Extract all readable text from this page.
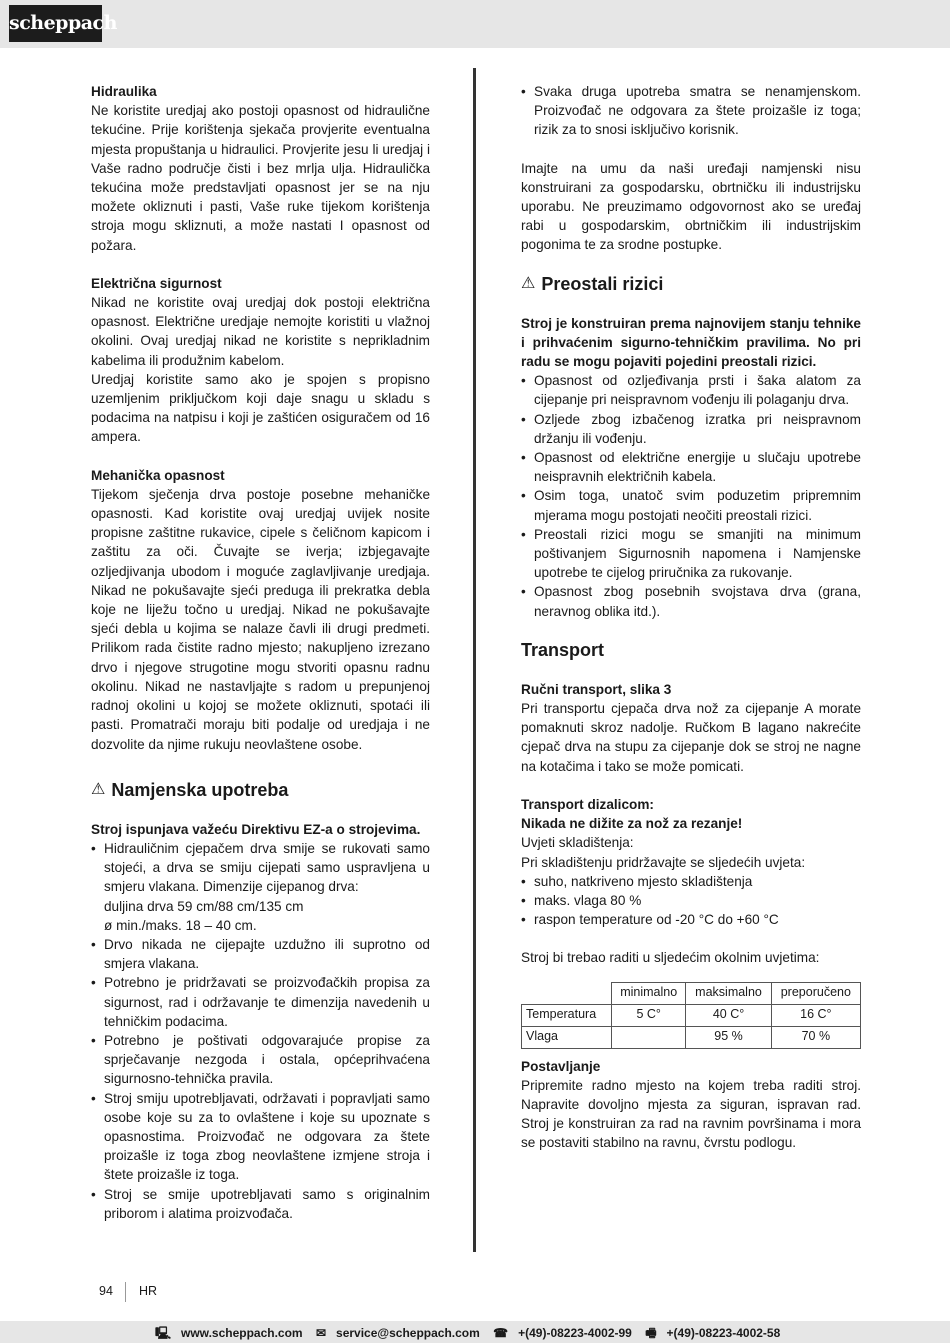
scheppach
Hidraulika
Ne koristite uredjaj ako postoji opasnost od hidraulične tekućine. Prije korištenja sjekača provjerite eventualna mjesta propuštanja u hidraulici. Provjerite jesu li uredjaj i Vaše radno područje čisti i bez mrlja ulja. Hidraulička tekućina može predstavljati opasnost jer se na nju možete okliznuti i pasti, Vaše ruke tijekom korištenja stroja mogu skliznuti, a može nastati I opasnost od požara.
Električna sigurnost
Nikad ne koristite ovaj uredjaj dok postoji električna opasnost. Električne uredjaje nemojte koristiti u vlažnoj okolini. Ovaj uredjaj nikad ne koristite s neprikladnim kabelima ili produžnim kabelom.
Uredjaj koristite samo ako je spojen s propisno uzemljenim priključkom koji daje snagu u skladu s podacima na natpisu i koji je zaštićen osiguračem od 16 ampera.
Mehanička opasnost
Tijekom sječenja drva postoje posebne mehaničke opasnosti. Kad koristite ovaj uredjaj uvijek nosite propisne zaštitne rukavice, cipele s čeličnom kapicom i zaštitu za oči. Čuvajte se iverja; izbjegavajte ozljedjivanja ubodom i moguće zaglavljivanje uredjaja. Nikad ne pokušavajte sjeći preduga ili prekratka debla koje ne liježu točno u uredjaj. Nikad ne pokušavajte sjeći debla u kojima se nalaze čavli ili drugi predmeti. Prilikom rada čistite radno mjesto; nakupljeno izrezano drvo i njegove strugotine mogu stvoriti opasnu radnu okolinu. Nikad ne nastavljajte s radom u prepunjenoj radnoj okolini u kojoj se možete okliznuti, spotaći ili pasti. Promatrači moraju biti podalje od uredjaja i ne dozvolite da njime rukuju neovlaštene osobe.
⚠ Namjenska upotreba
Stroj ispunjava važeću Direktivu EZ-a o strojevima.
• Hidrauličnim cjepačem drva smije se rukovati samo stojeći, a drva se smiju cijepati samo uspravljena u smjeru vlakana. Dimenzije cijepanog drva:
duljina drva 59 cm/88 cm/135 cm
ø min./maks. 18 – 40 cm.
• Drvo nikada ne cijepajte uzdužno ili suprotno od smjera vlakana.
• Potrebno je pridržavati se proizvođačkih propisa za sigurnost, rad i održavanje te dimenzija navedenih u tehničkim podacima.
• Potrebno je poštivati odgovarajuće propise za sprječavanje nezgoda i ostala, općeprihvaćena sigurnosno-tehnička pravila.
• Stroj smiju upotrebljavati, održavati i popravljati samo osobe koje su za to ovlaštene i koje su upoznate s opasnostima. Proizvođač ne odgovara za štete proizašle iz toga zbog neovlaštene izmjene stroja i štete proizašle iz toga.
• Stroj se smije upotrebljavati samo s originalnim priborom i alatima proizvođača.
• Svaka druga upotreba smatra se nenamjenskom. Proizvođač ne odgovara za štete proizašle iz toga; rizik za to snosi isključivo korisnik.
Imajte na umu da naši uređaji namjenski nisu konstruirani za gospodarsku, obrtničku ili industrijsku uporabu. Ne preuzimamo odgovornost ako se uređaj rabi u gospodarskim, obrtničkim ili industrijskim pogonima te za srodne postupke.
⚠ Preostali rizici
Stroj je konstruiran prema najnovijem stanju tehnike i prihvaćenim sigurno-tehničkim pravilima. No pri radu se mogu pojaviti pojedini preostali rizici.
• Opasnost od ozljeđivanja prsti i šaka alatom za cijepanje pri neispravnom vođenju ili polaganju drva.
• Ozljede zbog izbačenog izratka pri neispravnom držanju ili vođenju.
• Opasnost od električne energije u slučaju upotrebe neispravnih električnih kabela.
• Osim toga, unatoč svim poduzetim pripremnim mjerama mogu postojati neočiti preostali rizici.
• Preostali rizici mogu se smanjiti na minimum poštivanjem Sigurnosnih napomena i Namjenske upotrebe te cijelog priručnika za rukovanje.
• Opasnost zbog posebnih svojstava drva (grana, neravnog oblika itd.).
Transport
Ručni transport, slika 3
Pri transportu cjepača drva nož za cijepanje A morate pomaknuti skroz nadolje. Ručkom B lagano nakrećite cjepač drva na stupu za cijepanje dok se stroj ne nagne na kotačima i tako se može pomicati.
Transport dizalicom:
Nikada ne dižite za nož za rezanje!
Uvjeti skladištenja:
Pri skladištenju pridržavajte se sljedećih uvjeta:
• suho, natkriveno mjesto skladištenja
• maks. vlaga 80 %
• raspon temperature od -20 °C do +60 °C
Stroj bi trebao raditi u sljedećim okolnim uvjetima:
	minimalno	maksimalno	preporučeno
Temperatura	5 C°	40 C°	16 C°
Vlaga		95 %	70 %
Postavljanje
Pripremite radno mjesto na kojem treba raditi stroj. Napravite dovoljno mjesta za siguran, ispravan rad. Stroj je konstruiran za rad na ravnim površinama i mora se postaviti stabilno na ravnu, čvrstu podlogu.
94 HR
🖳 www.scheppach.com ✉ service@scheppach.com ☎ +(49)-08223-4002-99 🖷 +(49)-08223-4002-58
